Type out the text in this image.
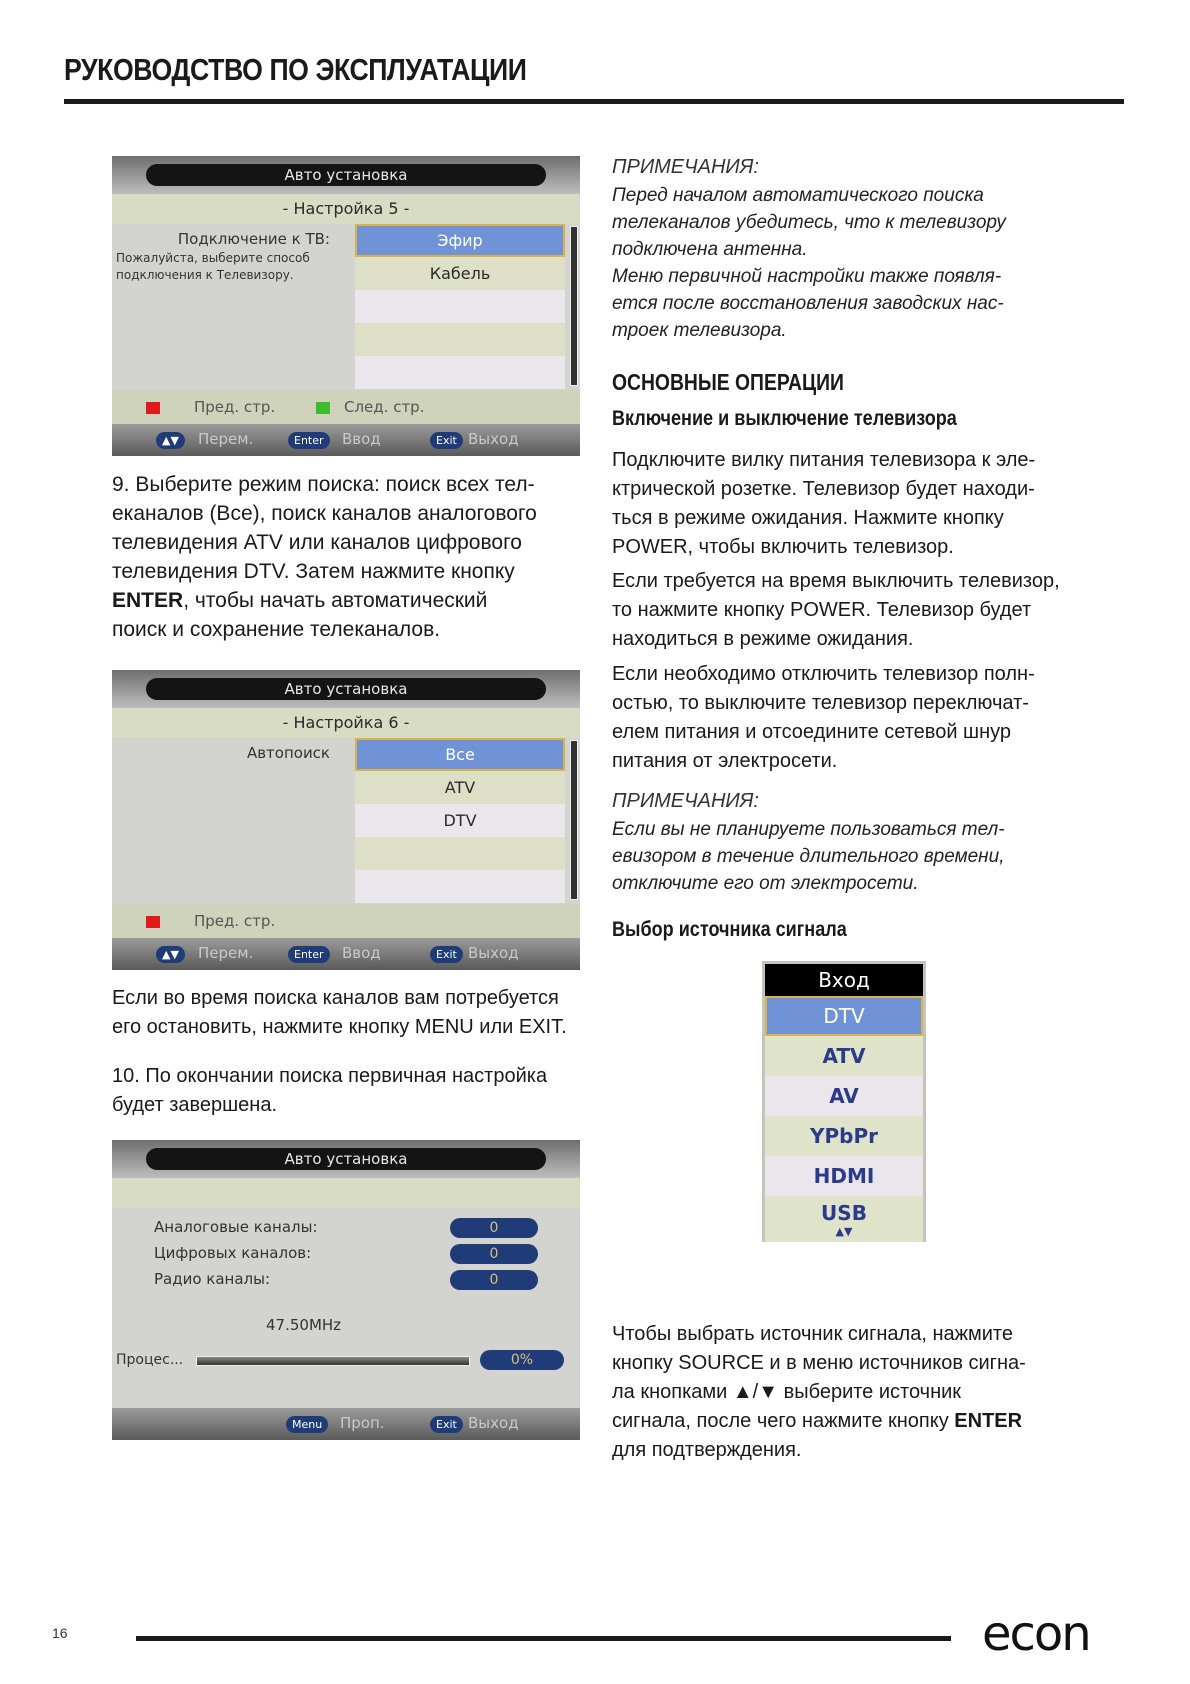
РУКОВОДСТВО ПО ЭКСПЛУАТАЦИИ
Авто установка
- Настройка 5 -
Подключение к ТВ:
Пожалуйста, выберите способ
подключения к Телевизору.
Эфир
Кабель
Пред. стр.	След. стр.
▲▼	Перем.	Enter	Ввод	Exit Выход
9. Выберите режим поиска: поиск всех тел-
еканалов (Все), поиск каналов аналогового
телевидения ATV или каналов цифрового
телевидения DTV. Затем нажмите кнопку
ENTER, чтобы начать автоматический
поиск и сохранение телеканалов.
Авто установка
- Настройка 6 -
Автопоиск	Все
ATV
DTV
Пред. стр.
▲▼	Перем.	Enter	Ввод	Exit Выход
Если во время поиска каналов вам потребуется
его остановить, нажмите кнопку MENU или EXIT.
10. По окончании поиска первичная настройка
будет завершена.
Авто установка
Аналоговые каналы:	0
Цифровых каналов:	0
Радио каналы:	0
47.50MHz
Процес...	0%
Menu	Проп.	Exit Выход
ПРИМЕЧАНИЯ:
Перед началом автоматического поиска
телеканалов убедитесь, что к телевизору
подключена антенна.
Меню первичной настройки также появля-
ется после восстановления заводских нас-
троек телевизора.
ОСНОВНЫЕ ОПЕРАЦИИ
Включение и выключение телевизора
Подключите вилку питания телевизора к эле-
ктрической розетке. Телевизор будет находи-
ться в режиме ожидания. Нажмите кнопку
POWER, чтобы включить телевизор.
Если требуется на время выключить телевизор,
то нажмите кнопку POWER. Телевизор будет
находиться в режиме ожидания.
Если необходимо отключить телевизор полн-
остью, то выключите телевизор переключат-
елем питания и отсоедините сетевой шнур
питания от электросети.
ПРИМЕЧАНИЯ:
Если вы не планируете пользоваться тел-
евизором в течение длительного времени,
отключите его от электросети.
Выбор источника сигнала
Вход
DTV
ATV
AV
YPbPr
HDMI
USB
▲▼
Чтобы выбрать источник сигнала, нажмите
кнопку SOURCE и в меню источников сигна-
ла кнопками ▲/▼ выберите источник
сигнала, после чего нажмите кнопку ENTER
для подтверждения.
16	econ
